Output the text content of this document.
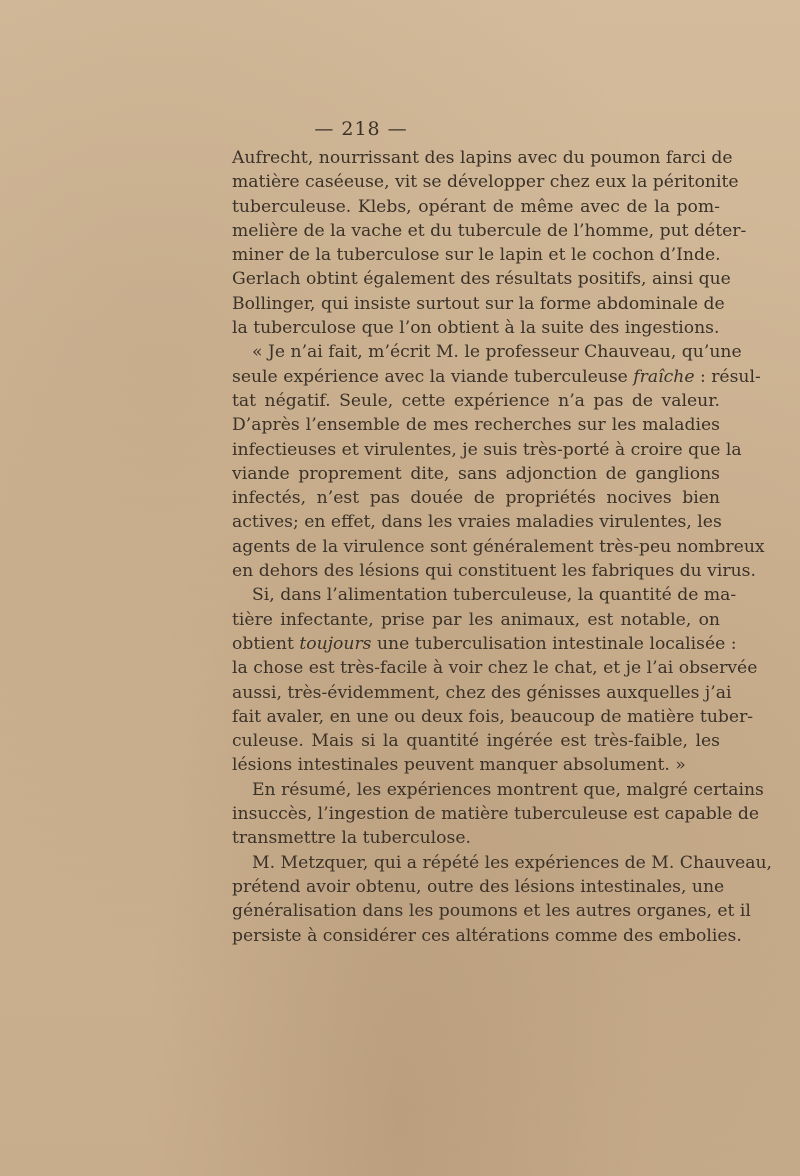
— 218 —
Aufrecht, nourrissant des lapins avec du poumon farci de
matière caséeuse, vit se développer chez eux la péritonite
tuberculeuse. Klebs, opérant de même avec de la pom-
melière de la vache et du tubercule de l’homme, put déter-
miner de la tuberculose sur le lapin et le cochon d’Inde.
Gerlach obtint également des résultats positifs, ainsi que
Bollinger, qui insiste surtout sur la forme abdominale de
la tuberculose que l’on obtient à la suite des ingestions.
« Je n’ai fait, m’écrit M. le professeur Chauveau, qu’une
seule expérience avec la viande tuberculeuse fraîche : résul-
tat négatif. Seule, cette expérience n’a pas de valeur.
D’après l’ensemble de mes recherches sur les maladies
infectieuses et virulentes, je suis très-porté à croire que la
viande proprement dite, sans adjonction de ganglions
infectés, n’est pas douée de propriétés nocives bien
actives; en effet, dans les vraies maladies virulentes, les
agents de la virulence sont généralement très-peu nombreux
en dehors des lésions qui constituent les fabriques du virus.
Si, dans l’alimentation tuberculeuse, la quantité de ma-
tière infectante, prise par les animaux, est notable, on
obtient toujours une tuberculisation intestinale localisée :
la chose est très-facile à voir chez le chat, et je l’ai observée
aussi, très-évidemment, chez des génisses auxquelles j’ai
fait avaler, en une ou deux fois, beaucoup de matière tuber-
culeuse. Mais si la quantité ingérée est très-faible, les
lésions intestinales peuvent manquer absolument. »
En résumé, les expériences montrent que, malgré certains
insuccès, l’ingestion de matière tuberculeuse est capable de
transmettre la tuberculose.
M. Metzquer, qui a répété les expériences de M. Chauveau,
prétend avoir obtenu, outre des lésions intestinales, une
généralisation dans les poumons et les autres organes, et il
persiste à considérer ces altérations comme des embolies.
